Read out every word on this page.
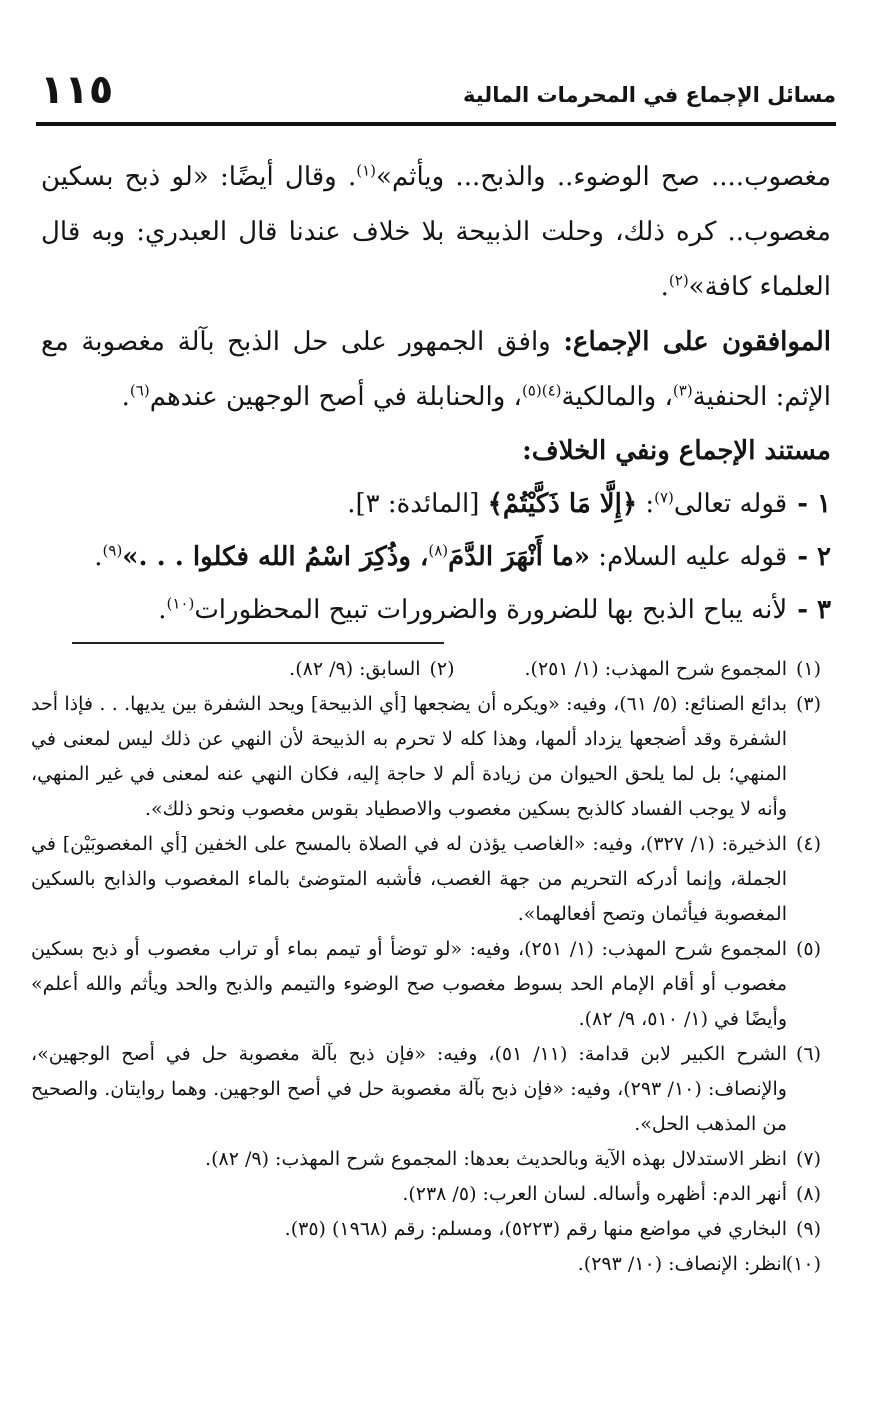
١١٥	مسائل الإجماع في المحرمات المالية

مغصوب.... صح الوضوء.. والذبح... ويأثم»$^{(١)}$. وقال أيضًا: «لو ذبح بسكين مغصوب.. كره ذلك، وحلت الذبيحة بلا خلاف عندنا قال العبدري: وبه قال العلماء كافة»$^{(٢)}$.

الموافقون على الإجماع: وافق الجمهور على حل الذبح بآلة مغصوبة مع الإثم: الحنفية$^{(٣)}$، والمالكية$^{(٤)(٥)}$، والحنابلة في أصح الوجهين عندهم$^{(٦)}$.

مستند الإجماع ونفي الخلاف:
١ -قوله تعالى$^{(٧)}$: ﴿إِلَّا مَا ذَكَّيْتُمْ﴾ [المائدة: ٣].
٢ -قوله عليه السلام: «ما أَنْهَرَ الدَّمَ$^{(٨)}$، وذُكِرَ اسْمُ الله فكلوا . . .»$^{(٩)}$.
٣ -لأنه يباح الذبح بها للضرورة والضرورات تبيح المحظورات$^{(١٠)}$.
(١)
المجموع شرح المهذب: (١/ ٢٥١).
(٢)
السابق: (٩/ ٨٢).
(٣)
بدائع الصنائع: (٥/ ٦١)، وفيه: «ويكره أن يضجعها [أي الذبيحة] ويحد الشفرة بين يديها. . . فإذا أحد الشفرة وقد أضجعها يزداد ألمها، وهذا كله لا تحرم به الذبيحة لأن النهي عن ذلك ليس لمعنى في المنهي؛ بل لما يلحق الحيوان من زيادة ألم لا حاجة إليه، فكان النهي عنه لمعنى في غير المنهي، وأنه لا يوجب الفساد كالذبح بسكين مغصوب والاصطياد بقوس مغصوب ونحو ذلك».
(٤)
الذخيرة: (١/ ٣٢٧)، وفيه: «الغاصب يؤذن له في الصلاة بالمسح على الخفين [أي المغصوبَيْن] في الجملة، وإنما أدركه التحريم من جهة الغصب، فأشبه المتوضئ بالماء المغصوب والذابح بالسكين المغصوبة فيأثمان وتصح أفعالهما».
(٥)
المجموع شرح المهذب: (١/ ٢٥١)، وفيه: «لو توضأ أو تيمم بماء أو تراب مغصوب أو ذبح بسكين مغصوب أو أقام الإمام الحد بسوط مغصوب صح الوضوء والتيمم والذبح والحد ويأثم والله أعلم» وأيضًا في (١/ ٥١٠، ٩/ ٨٢).
(٦)
الشرح الكبير لابن قدامة: (١١/ ٥١)، وفيه: «فإن ذبح بآلة مغصوبة حل في أصح الوجهين»، والإنصاف: (١٠/ ٢٩٣)، وفيه: «فإن ذبح بآلة مغصوبة حل في أصح الوجهين. وهما روايتان. والصحيح من المذهب الحل».
(٧)
انظر الاستدلال بهذه الآية وبالحديث بعدها: المجموع شرح المهذب: (٩/ ٨٢).
(٨)
أنهر الدم: أظهره وأساله. لسان العرب: (٥/ ٢٣٨).
(٩)
البخاري في مواضع منها رقم (٥٢٢٣)، ومسلم: رقم (١٩٦٨) (٣٥).
(١٠)
انظر: الإنصاف: (١٠/ ٢٩٣).
